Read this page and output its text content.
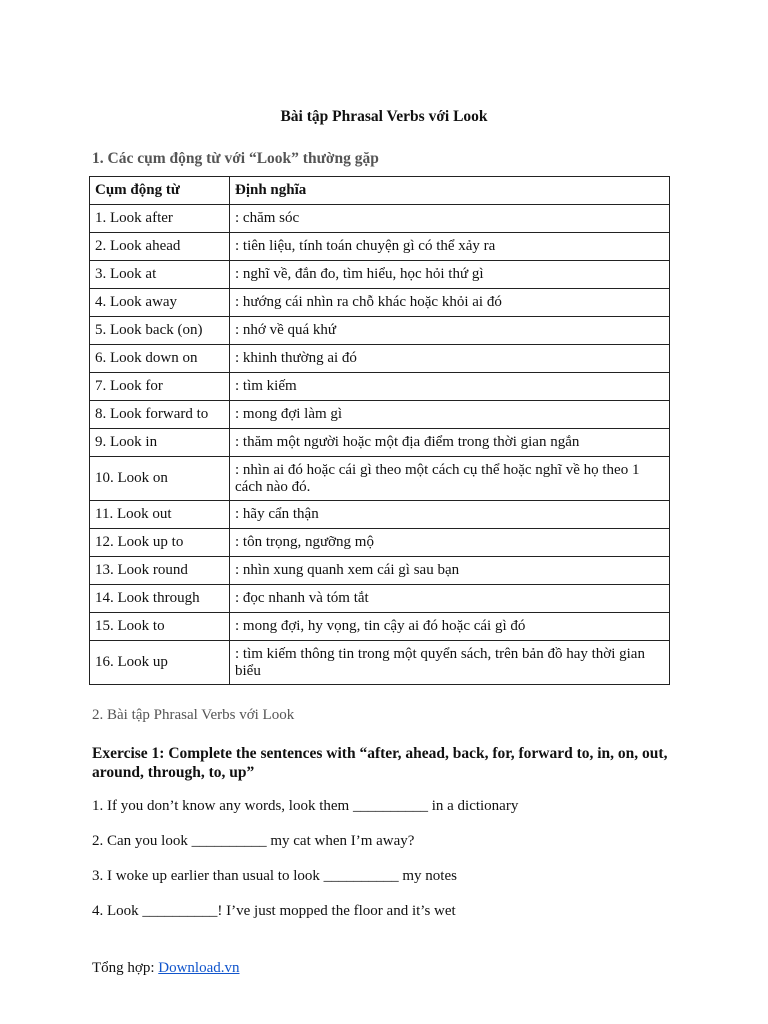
Bài tập Phrasal Verbs với Look
1. Các cụm động từ với “Look” thường gặp
Cụm động từ	Định nghĩa
1. Look after	: chăm sóc
2. Look ahead	: tiên liệu, tính toán chuyện gì có thể xảy ra
3. Look at	: nghĩ về, đắn đo, tìm hiểu, học hỏi thứ gì
4. Look away	: hướng cái nhìn ra chỗ khác hoặc khỏi ai đó
5. Look back (on)	: nhớ về quá khứ
6. Look down on	: khinh thường ai đó
7. Look for	: tìm kiếm
8. Look forward to	: mong đợi làm gì
9. Look in	: thăm một người hoặc một địa điểm trong thời gian ngắn
10. Look on	: nhìn ai đó hoặc cái gì theo một cách cụ thể hoặc nghĩ về họ theo 1 cách nào đó.
11. Look out	: hãy cẩn thận
12. Look up to	: tôn trọng, ngưỡng mộ
13. Look round	: nhìn xung quanh xem cái gì sau bạn
14. Look through	: đọc nhanh và tóm tắt
15. Look to	: mong đợi, hy vọng, tin cậy ai đó hoặc cái gì đó
16. Look up	: tìm kiếm thông tin trong một quyển sách, trên bản đồ hay thời gian biểu
2. Bài tập Phrasal Verbs với Look
Exercise 1: Complete the sentences with “after, ahead, back, for, forward to, in, on, out, around, through, to, up”
1. If you don’t know any words, look them __________ in a dictionary
2. Can you look __________ my cat when I’m away?
3. I woke up earlier than usual to look __________ my notes
4. Look __________! I’ve just mopped the floor and it’s wet
Tổng hợp: Download.vn
